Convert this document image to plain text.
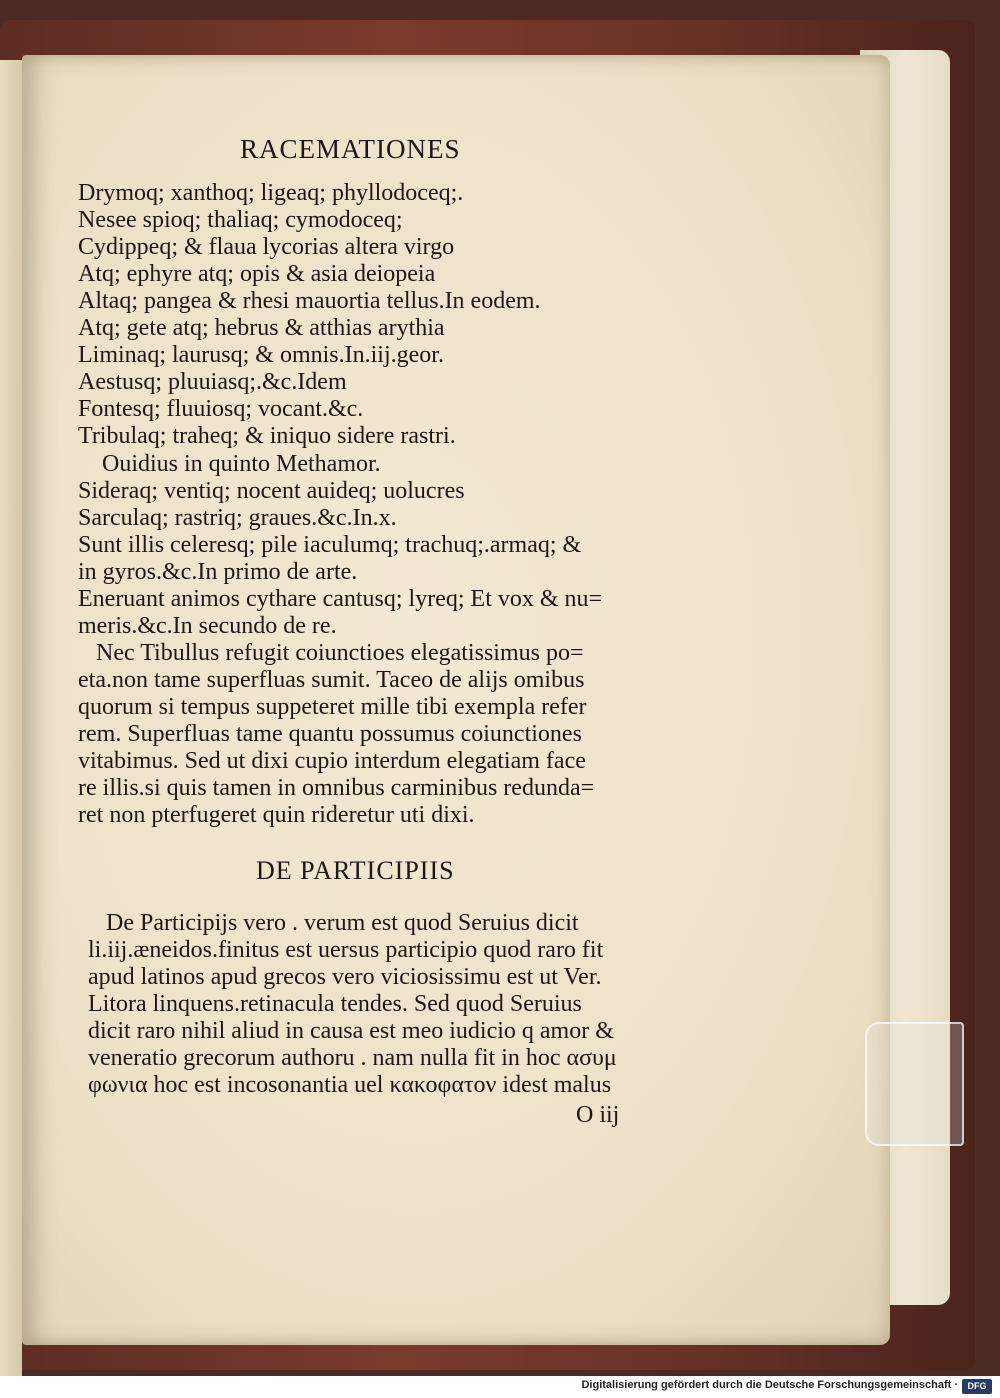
RACEMATIONES
Drymoq; xanthoq; ligeaq; phyllodoceq;.
Nesee spioq; thaliaq; cymodoceq;
Cydippeq; & flaua lycorias altera virgo
Atq; ephyre atq; opis & asia deiopeia
Altaq; pangea & rhesi mauortia tellus.In eodem.
Atq; gete atq; hebrus & atthias arythia
Liminaq; laurusq; & omnis.In.iij.geor.
Aestusq; pluuiasq;.&c.Idem
Fontesq; fluuiosq; vocant.&c.
Tribulaq; traheq; & iniquo sidere rastri.
Ouidius in quinto Methamor.
Sideraq; ventiq; nocent auideq; uolucres
Sarculaq; rastriq; graues.&c.In.x.
Sunt illis celeresq; pile iaculumq; trachuq;.armaq; &
in gyros.&c.In primo de arte.
Eneruant animos cythare cantusq; lyreq; Et vox & nu=
meris.&c.In secundo de re.
Nec Tibullus refugit coiunctioes elegatissimus po=
eta.non tame superfluas sumit. Taceo de alijs omibus
quorum si tempus suppeteret mille tibi exempla refer
rem. Superfluas tame quantu possumus coiunctiones
vitabimus. Sed ut dixi cupio interdum elegatiam face
re illis.si quis tamen in omnibus carminibus redunda=
ret non pterfugeret quin rideretur uti dixi.
DE PARTICIPIIS
De Participijs vero . verum est quod Seruius dicit
li.iij.æneidos.finitus est uersus participio quod raro fit
apud latinos apud grecos vero viciosissimu est ut Ver.
Litora linquens.retinacula tendes. Sed quod Seruius
dicit raro nihil aliud in causa est meo iudicio q amor &
veneratio grecorum authoru . nam nulla fit in hoc ασυμ
φωνια hoc est incosonantia uel κακοφατον idest malus
O iij
Digitalisierung gefördert durch die Deutsche Forschungsgemeinschaft ·	DFG
